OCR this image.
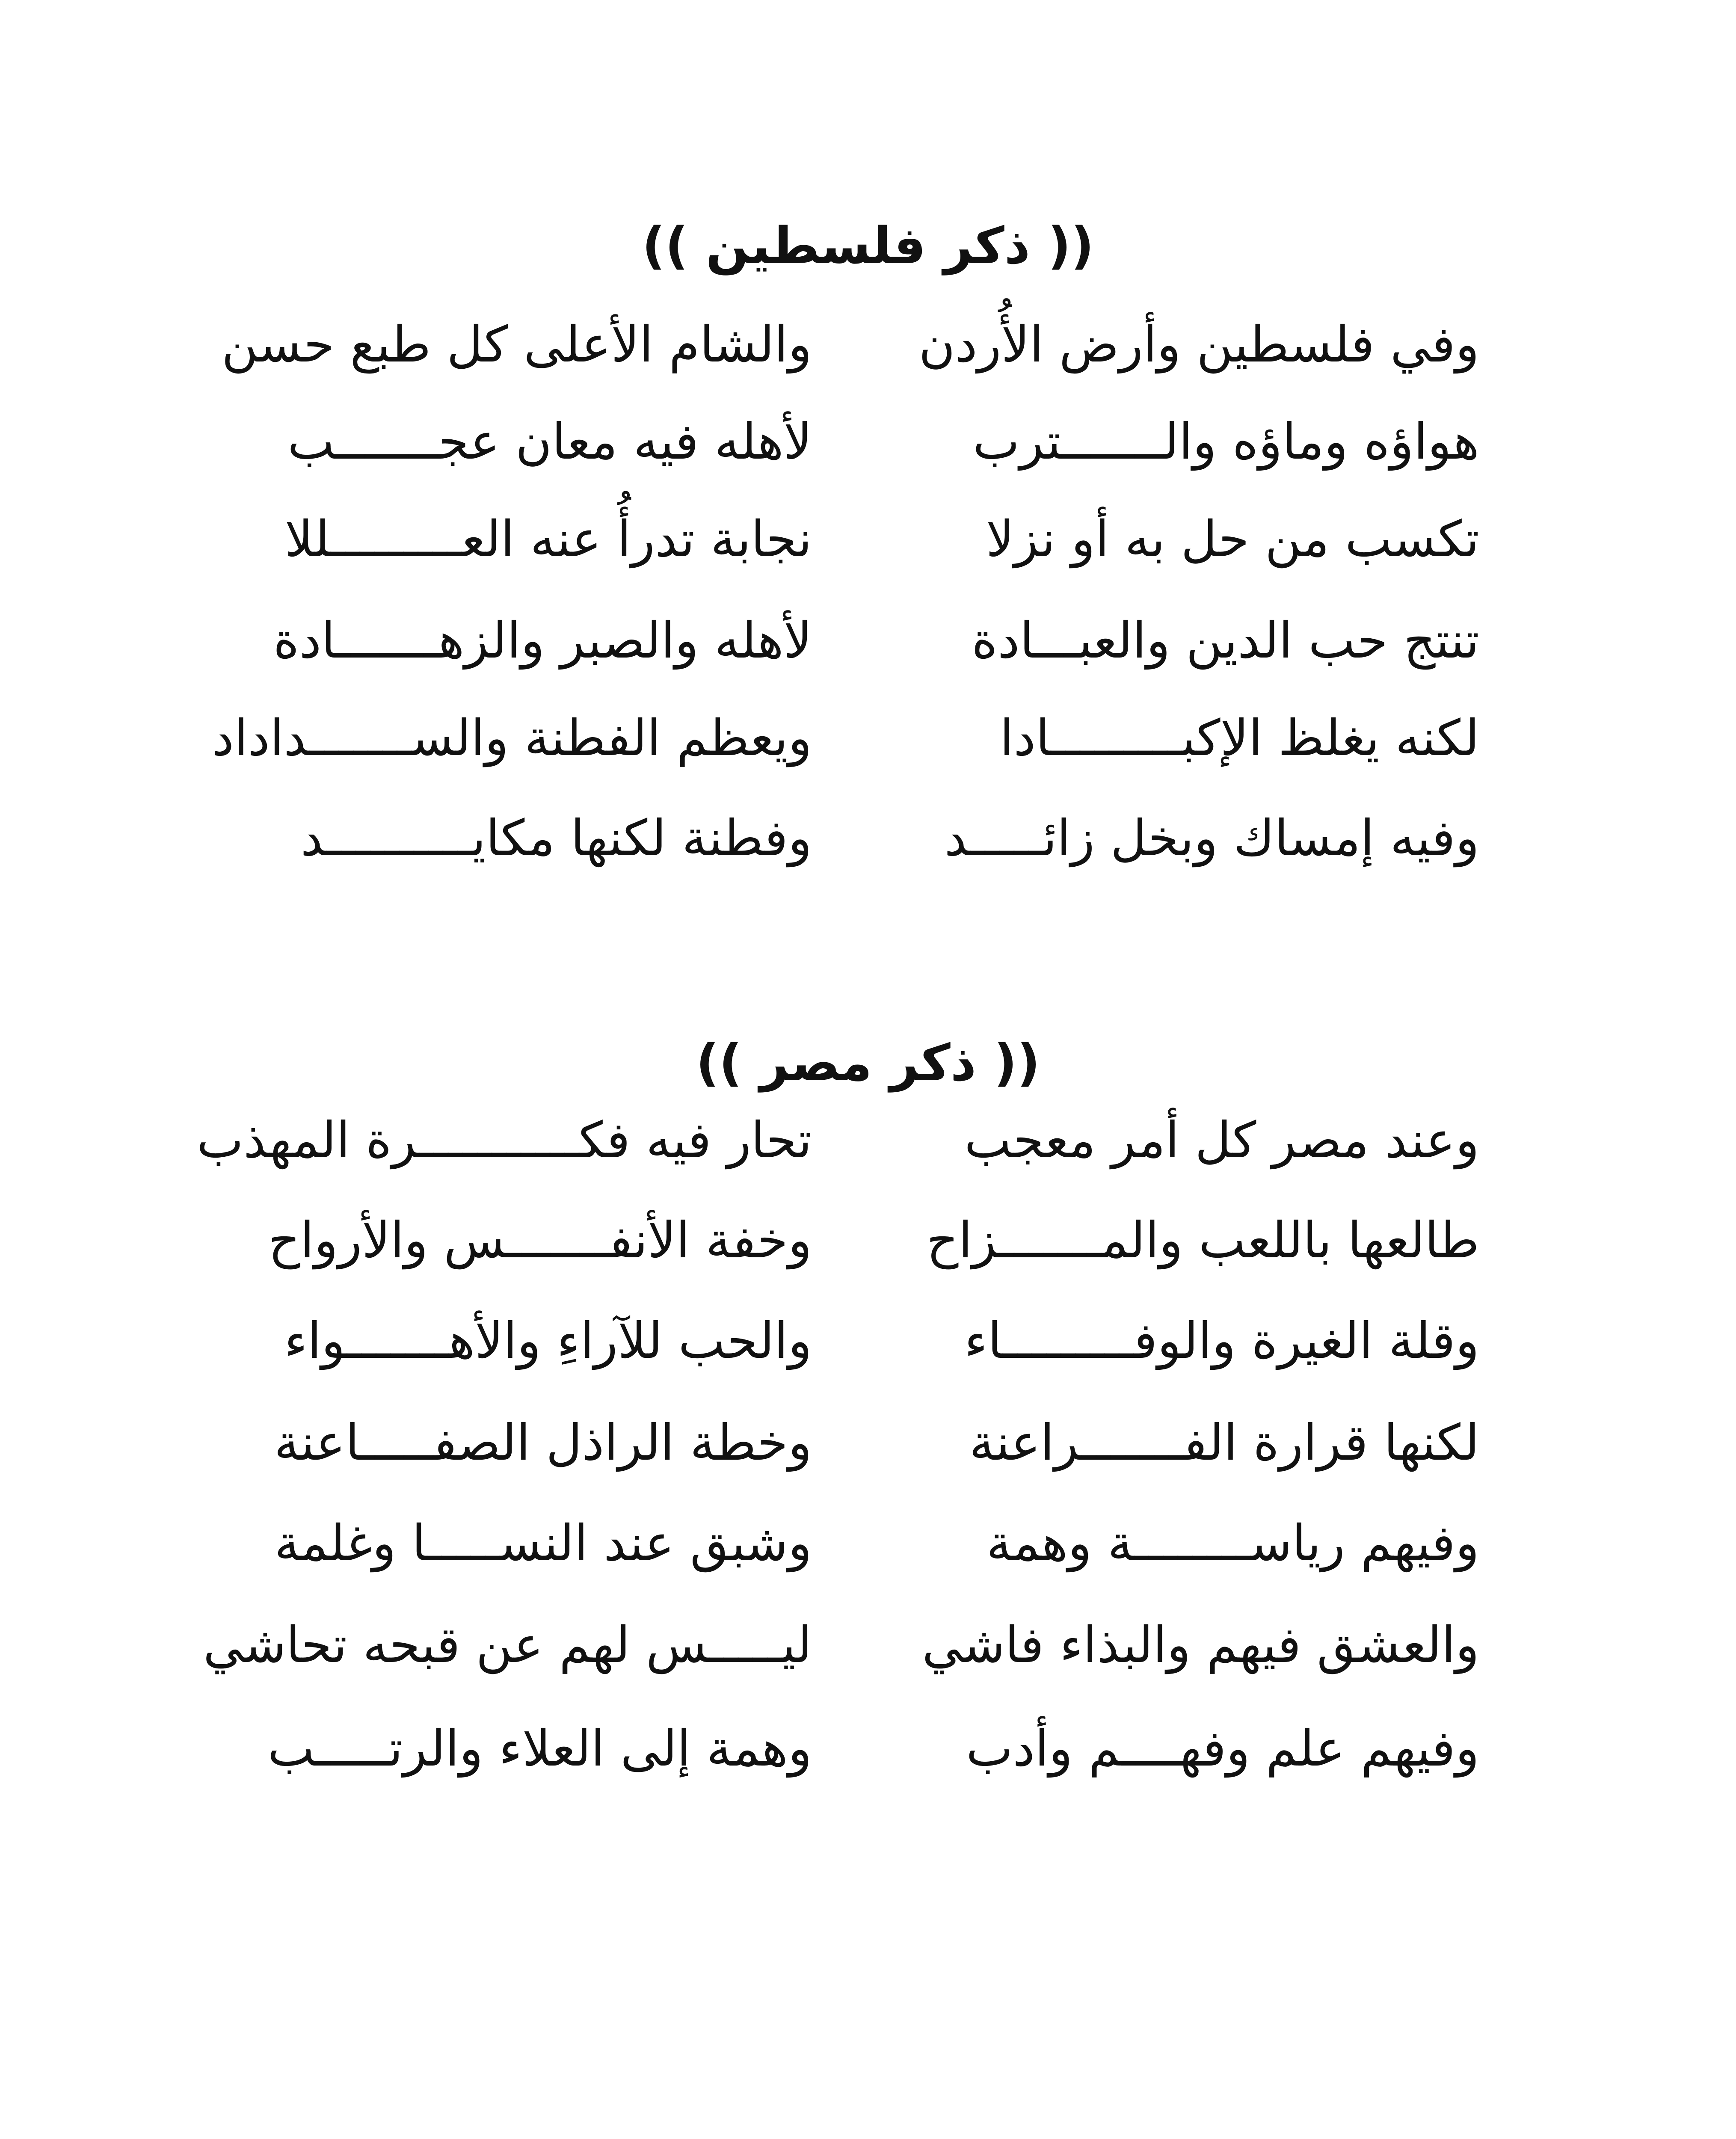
(( ذكر فلسطين ))
وفي فلسطين وأرض الأُردن
والشام الأعلى كل طبع حسن
هواؤه وماؤه والـــــــترب
لأهله فيه معان عجـــــــب
تكسب من حل به أو نزلا
نجابة تدرأُ عنه العـــــــــللا
تنتج حب الدين والعبـــادة
لأهله والصبر والزهـــــــادة
لكنه يغلظ الإكبـــــــــادا
ويعظم الفطنة والســـــــداداد
وفيه إمساك وبخل زائـــــد
وفطنة لكنها مكايــــــــــد
(( ذكر مصر ))
وعند مصر كل أمر معجب
تحار فيه فكـــــــــــرة المهذب
طالعها باللعب والمـــــــزاح
وخفة الأنفـــــــس والأرواح
وقلة الغيرة والوفـــــــــاء
والحب للآراءِ والأهـــــــواء
لكنها قرارة الفـــــــراعنة
وخطة الراذل الصفـــــاعنة
وفيهم رياســــــــة وهمة
وشبق عند النســـــا وغلمة
والعشق فيهم والبذاء فاشي
ليـــــس لهم عن قبحه تحاشي
وفيهم علم وفهــــم وأدب
وهمة إلى العلاء والرتـــــب
